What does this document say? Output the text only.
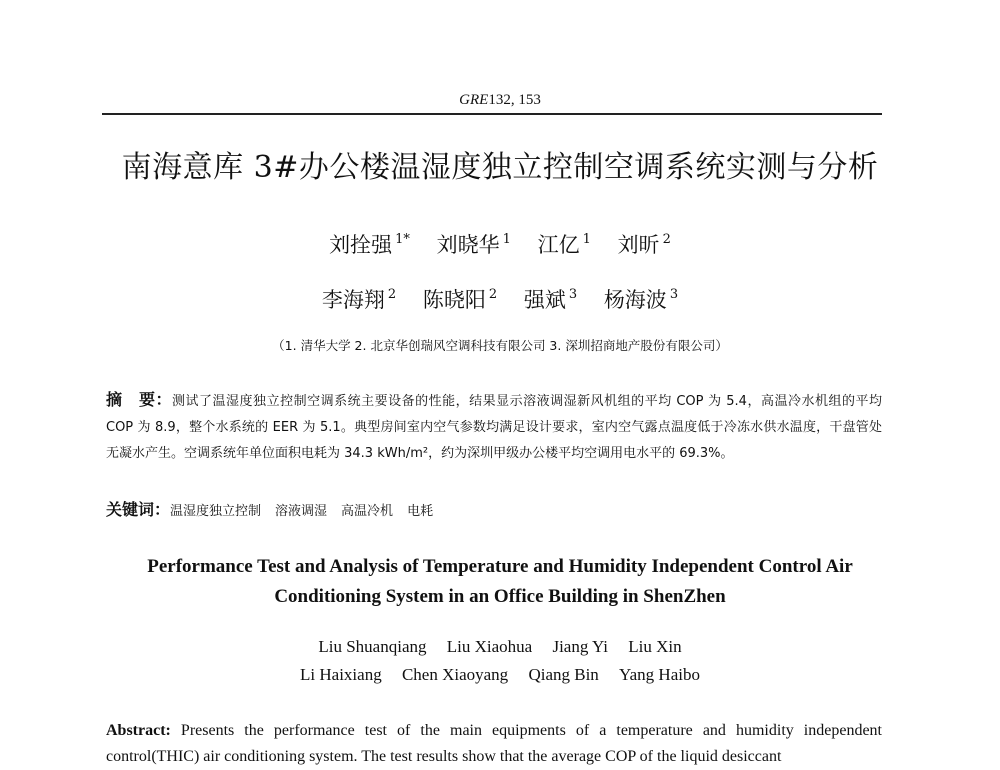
GRE132, 153
南海意库 3#办公楼温湿度独立控制空调系统实测与分析
刘拴强 $^{1*}$ 刘晓华 $^1$ 江亿 $^1$ 刘昕 $^2$
李海翔 $^2$ 陈晓阳 $^2$ 强斌 $^3$ 杨海波 $^3$
（1. 清华大学 2. 北京华创瑞风空调科技有限公司 3. 深圳招商地产股份有限公司）
摘　要：测试了温湿度独立控制空调系统主要设备的性能，结果显示溶液调湿新风机组的平均 COP 为 5.4，高温冷水机组的平均 COP 为 8.9，整个水系统的 EER 为 5.1。典型房间室内空气参数均满足设计要求，室内空气露点温度低于冷冻水供水温度，干盘管处无凝水产生。空调系统年单位面积电耗为 34.3 kWh/m²，约为深圳甲级办公楼平均空调用电水平的 69.3%。
关键词：温湿度独立控制 溶液调湿 高温冷机 电耗
Performance Test and Analysis of Temperature and Humidity Independent Control Air
Conditioning System in an Office Building in ShenZhen
Liu Shuanqiang Liu Xiaohua Jiang Yi Liu Xin
Li Haixiang Chen Xiaoyang Qiang Bin Yang Haibo
Abstract: Presents the performance test of the main equipments of a temperature and humidity independent control(THIC) air conditioning system. The test results show that the average COP of the liquid desiccant
